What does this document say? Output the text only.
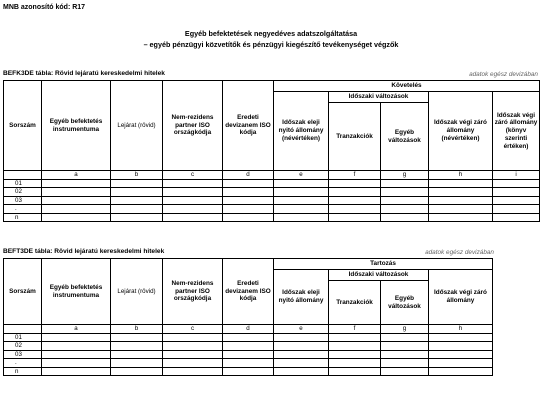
MNB azonosító kód: R17
Egyéb befektetések negyedéves adatszolgáltatása
– egyéb pénzügyi közvetítők és pénzügyi kiegészítő tevékenységet végzők
BEFK3DE tábla: Rövid lejáratú kereskedelmi hitelek	adatok egész devizában
Sorszám	Egyéb befektetés instrumentuma	Lejárat (rövid)	Nem-rezidens partner ISO országkódja	Eredeti devizanem ISO kódja	Követelés				
					Időszak eleji nyitó állomány (névértéken)	Időszaki változások		Időszak végi záró állomány (névértéken)	Időszak végi záró állomány (könyv szerinti értéken)
						Tranzakciók	Egyéb változások		
	a	b	c	d	e	f	g	h	i
01									
02									
03									
.									
n									
BEFT3DE tábla: Rövid lejáratú kereskedelmi hitelek	adatok egész devizában
Sorszám	Egyéb befektetés instrumentuma	Lejárat (rövid)	Nem-rezidens partner ISO országkódja	Eredeti devizanem ISO kódja	Tartozás			
					Időszak eleji nyitó állomány	Időszaki változások		Időszak végi záró állomány
						Tranzakciók	Egyéb változások	
	a	b	c	d	e	f	g	h
01								
02								
03								
.								
n								
